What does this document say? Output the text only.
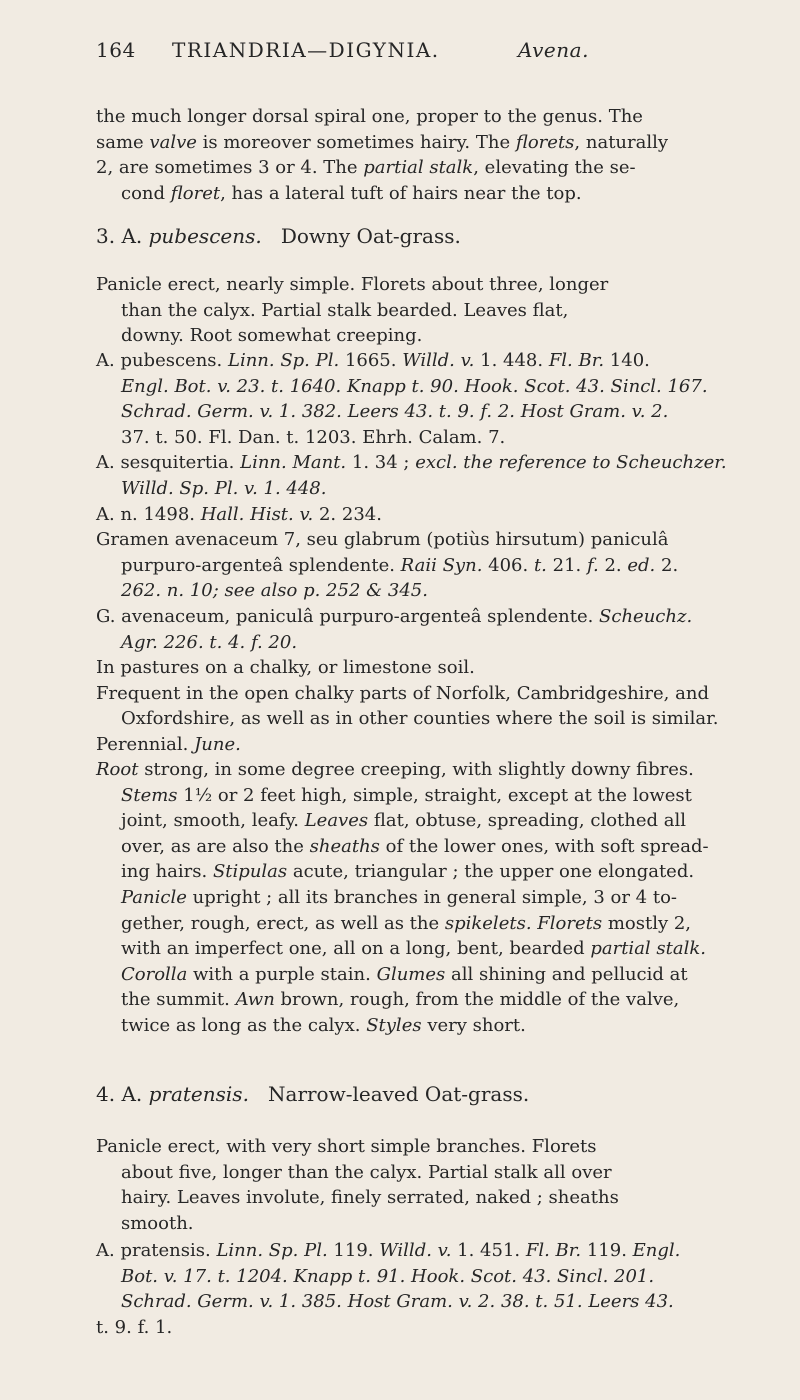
164 TRIANDRIA—DIGYNIA.	Avena.

the much longer dorsal spiral one, proper to the genus. The

same valve is moreover sometimes hairy. The florets, naturally

2, are sometimes 3 or 4. The partial stalk, elevating the se-

cond floret, has a lateral tuft of hairs near the top.

3. A. pubescens. Downy Oat-grass.

Panicle erect, nearly simple. Florets about three, longer

than the calyx. Partial stalk bearded. Leaves flat,

downy. Root somewhat creeping.

A. pubescens. Linn. Sp. Pl. 1665. Willd. v. 1. 448. Fl. Br. 140.

Engl. Bot. v. 23. t. 1640. Knapp t. 90. Hook. Scot. 43. Sincl. 167.

Schrad. Germ. v. 1. 382. Leers 43. t. 9. f. 2. Host Gram. v. 2.

37. t. 50. Fl. Dan. t. 1203. Ehrh. Calam. 7.

A. sesquitertia. Linn. Mant. 1. 34 ; excl. the reference to Scheuchzer.

Willd. Sp. Pl. v. 1. 448.

A. n. 1498. Hall. Hist. v. 2. 234.

Gramen avenaceum 7, seu glabrum (potiùs hirsutum) paniculâ

purpuro-argenteâ splendente. Raii Syn. 406. t. 21. f. 2. ed. 2.

262. n. 10; see also p. 252 & 345.

G. avenaceum, paniculâ purpuro-argenteâ splendente. Scheuchz.

Agr. 226. t. 4. f. 20.

In pastures on a chalky, or limestone soil.

Frequent in the open chalky parts of Norfolk, Cambridgeshire, and

Oxfordshire, as well as in other counties where the soil is similar.

Perennial. June.

Root strong, in some degree creeping, with slightly downy fibres.

Stems 1½ or 2 feet high, simple, straight, except at the lowest

joint, smooth, leafy. Leaves flat, obtuse, spreading, clothed all

over, as are also the sheaths of the lower ones, with soft spread-

ing hairs. Stipulas acute, triangular ; the upper one elongated.

Panicle upright ; all its branches in general simple, 3 or 4 to-

gether, rough, erect, as well as the spikelets. Florets mostly 2,

with an imperfect one, all on a long, bent, bearded partial stalk.

Corolla with a purple stain. Glumes all shining and pellucid at

the summit. Awn brown, rough, from the middle of the valve,

twice as long as the calyx. Styles very short.

4. A. pratensis. Narrow-leaved Oat-grass.

Panicle erect, with very short simple branches. Florets

about five, longer than the calyx. Partial stalk all over

hairy. Leaves involute, finely serrated, naked ; sheaths

smooth.

A. pratensis. Linn. Sp. Pl. 119. Willd. v. 1. 451. Fl. Br. 119. Engl.

Bot. v. 17. t. 1204. Knapp t. 91. Hook. Scot. 43. Sincl. 201.

Schrad. Germ. v. 1. 385. Host Gram. v. 2. 38. t. 51. Leers 43.

t. 9. f. 1.
